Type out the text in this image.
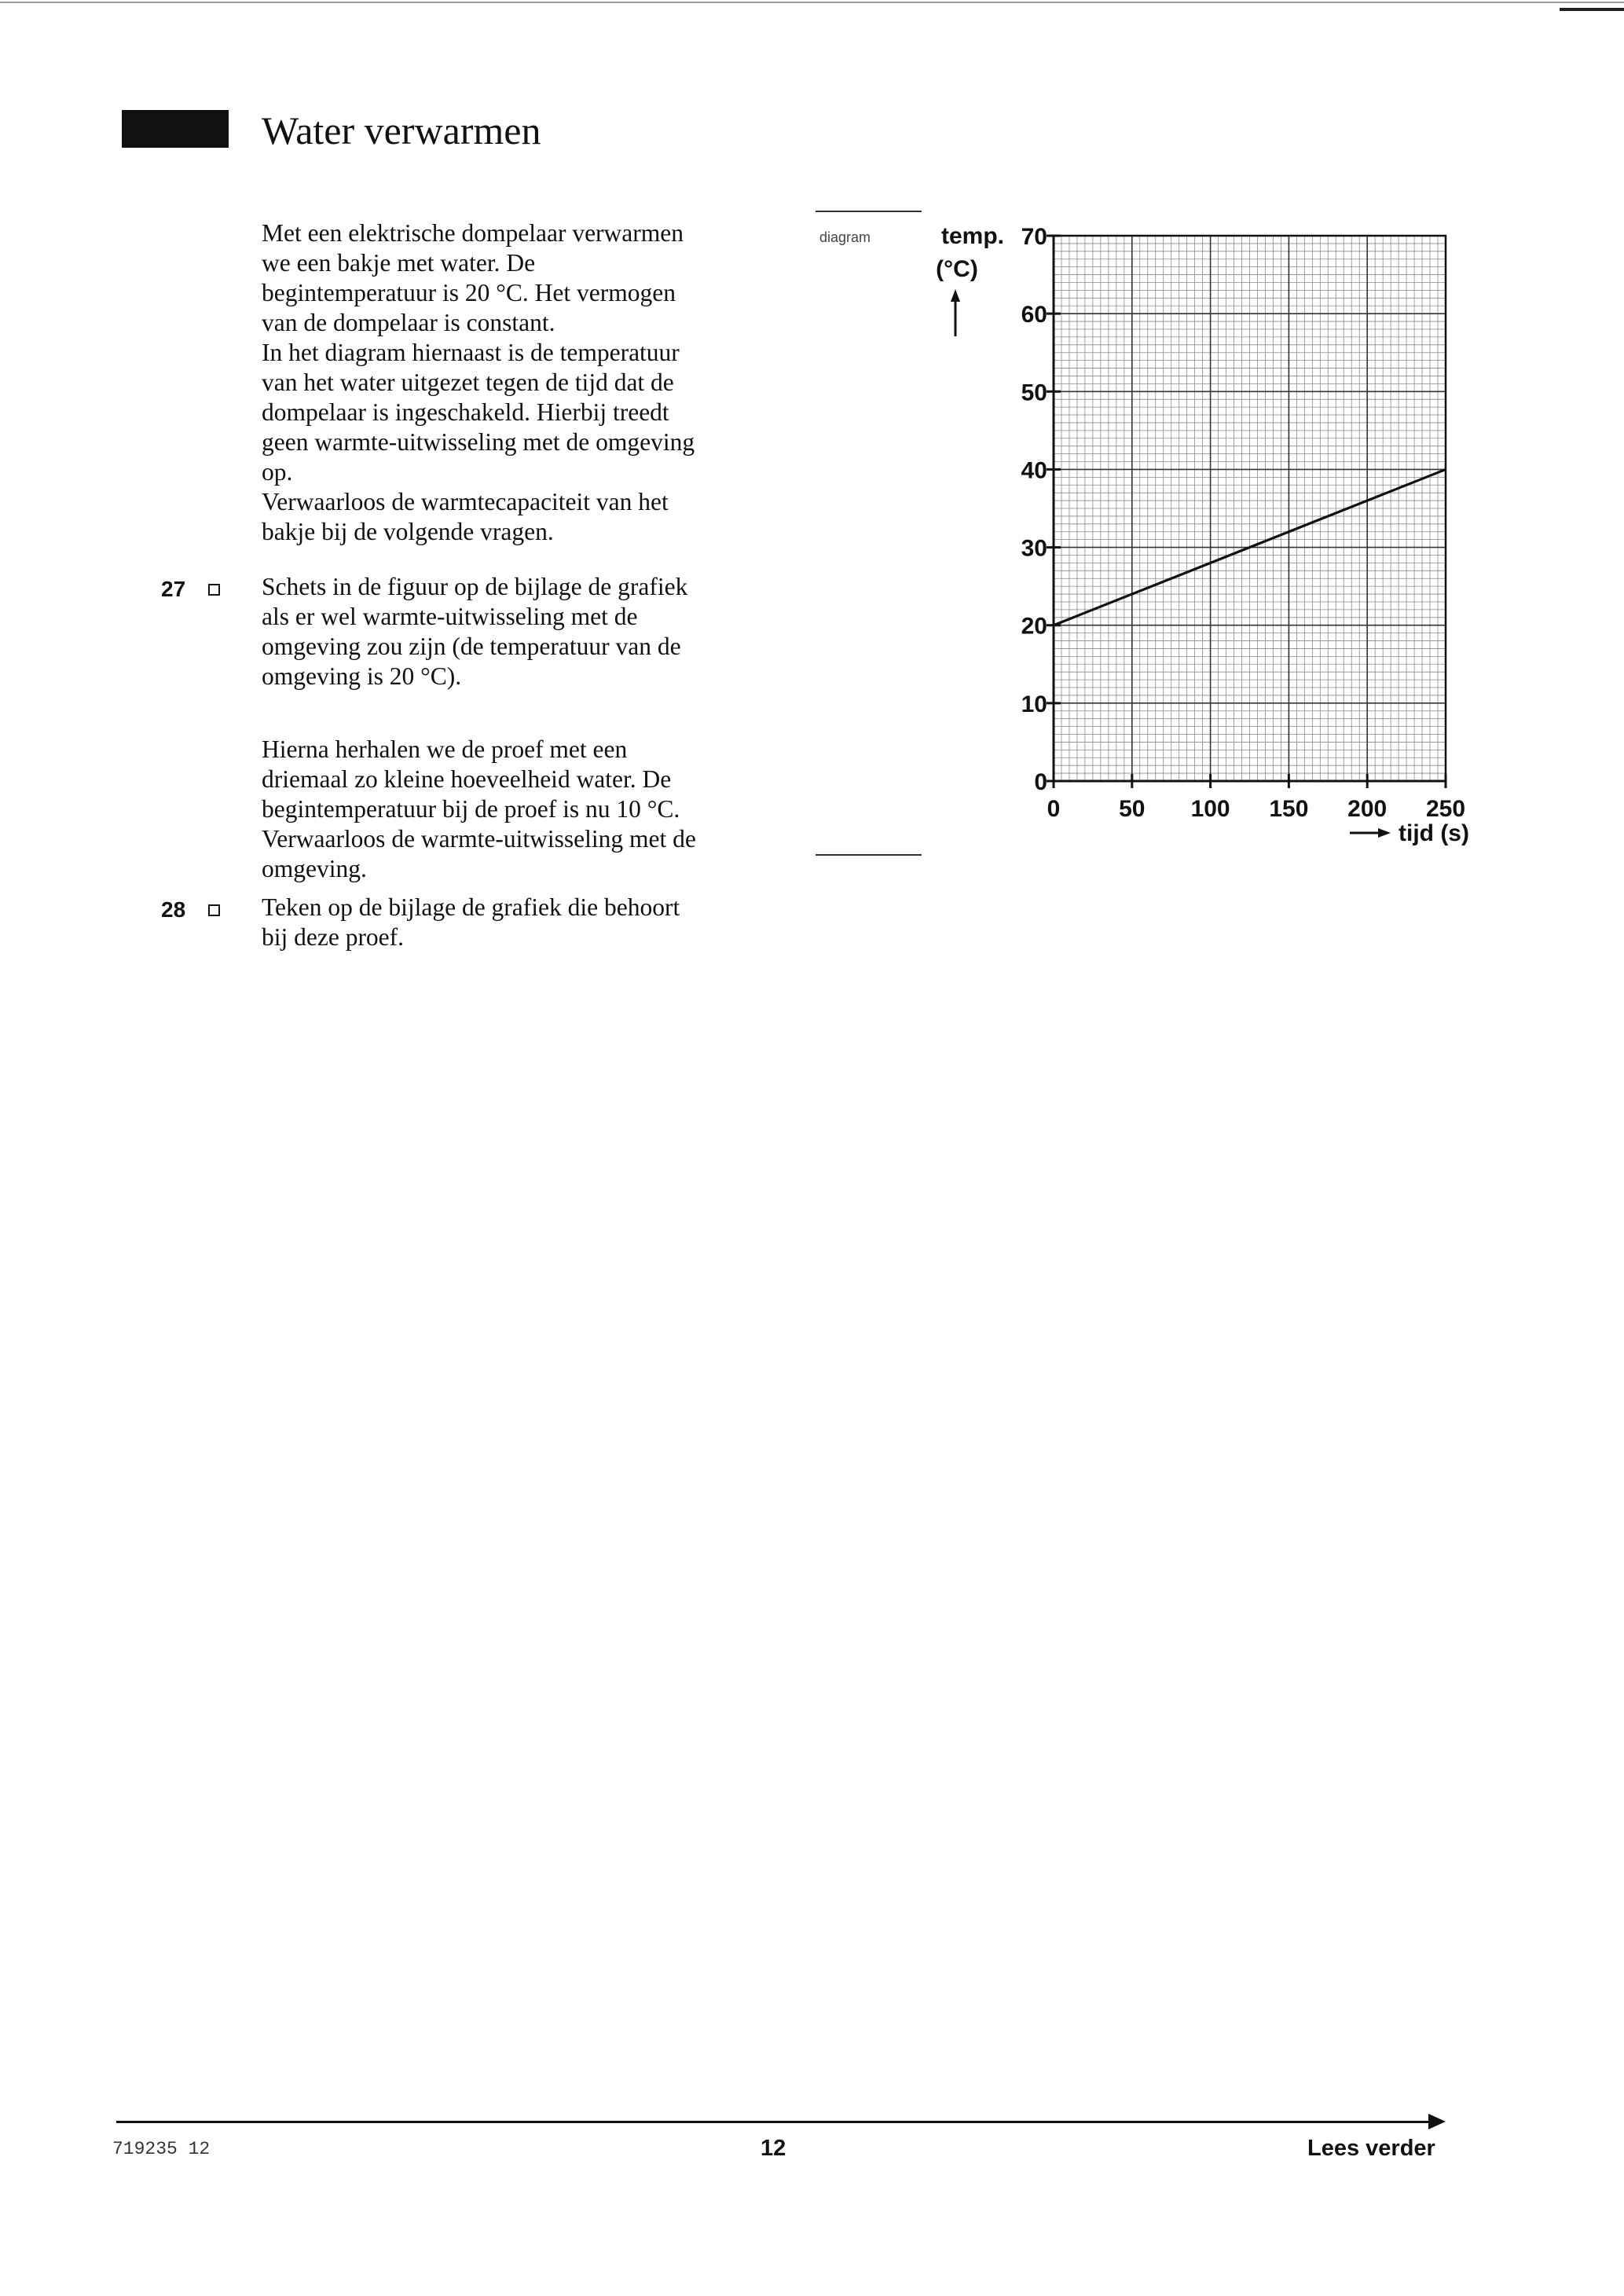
Water verwarmen
Met een elektrische dompelaar verwarmen
we een bakje met water. De
begintemperatuur is 20 °C. Het vermogen
van de dompelaar is constant.
In het diagram hiernaast is de temperatuur
van het water uitgezet tegen de tijd dat de
dompelaar is ingeschakeld. Hierbij treedt
geen warmte-uitwisseling met de omgeving
op.
Verwaarloos de warmtecapaciteit van het
bakje bij de volgende vragen.
27	Schets in de figuur op de bijlage de grafiek
als er wel warmte-uitwisseling met de
omgeving zou zijn (de temperatuur van de
omgeving is 20 °C).
Hierna herhalen we de proef met een
driemaal zo kleine hoeveelheid water. De
begintemperatuur bij de proef is nu 10 °C.
Verwaarloos de warmte-uitwisseling met de
omgeving.
28	Teken op de bijlage de grafiek die behoort
bij deze proef.
diagram
0 50 100 150 200 250
0
10
20
30
40
50
60
70
temp.
(°C)
tijd (s)
719235 12	12	Lees verder
